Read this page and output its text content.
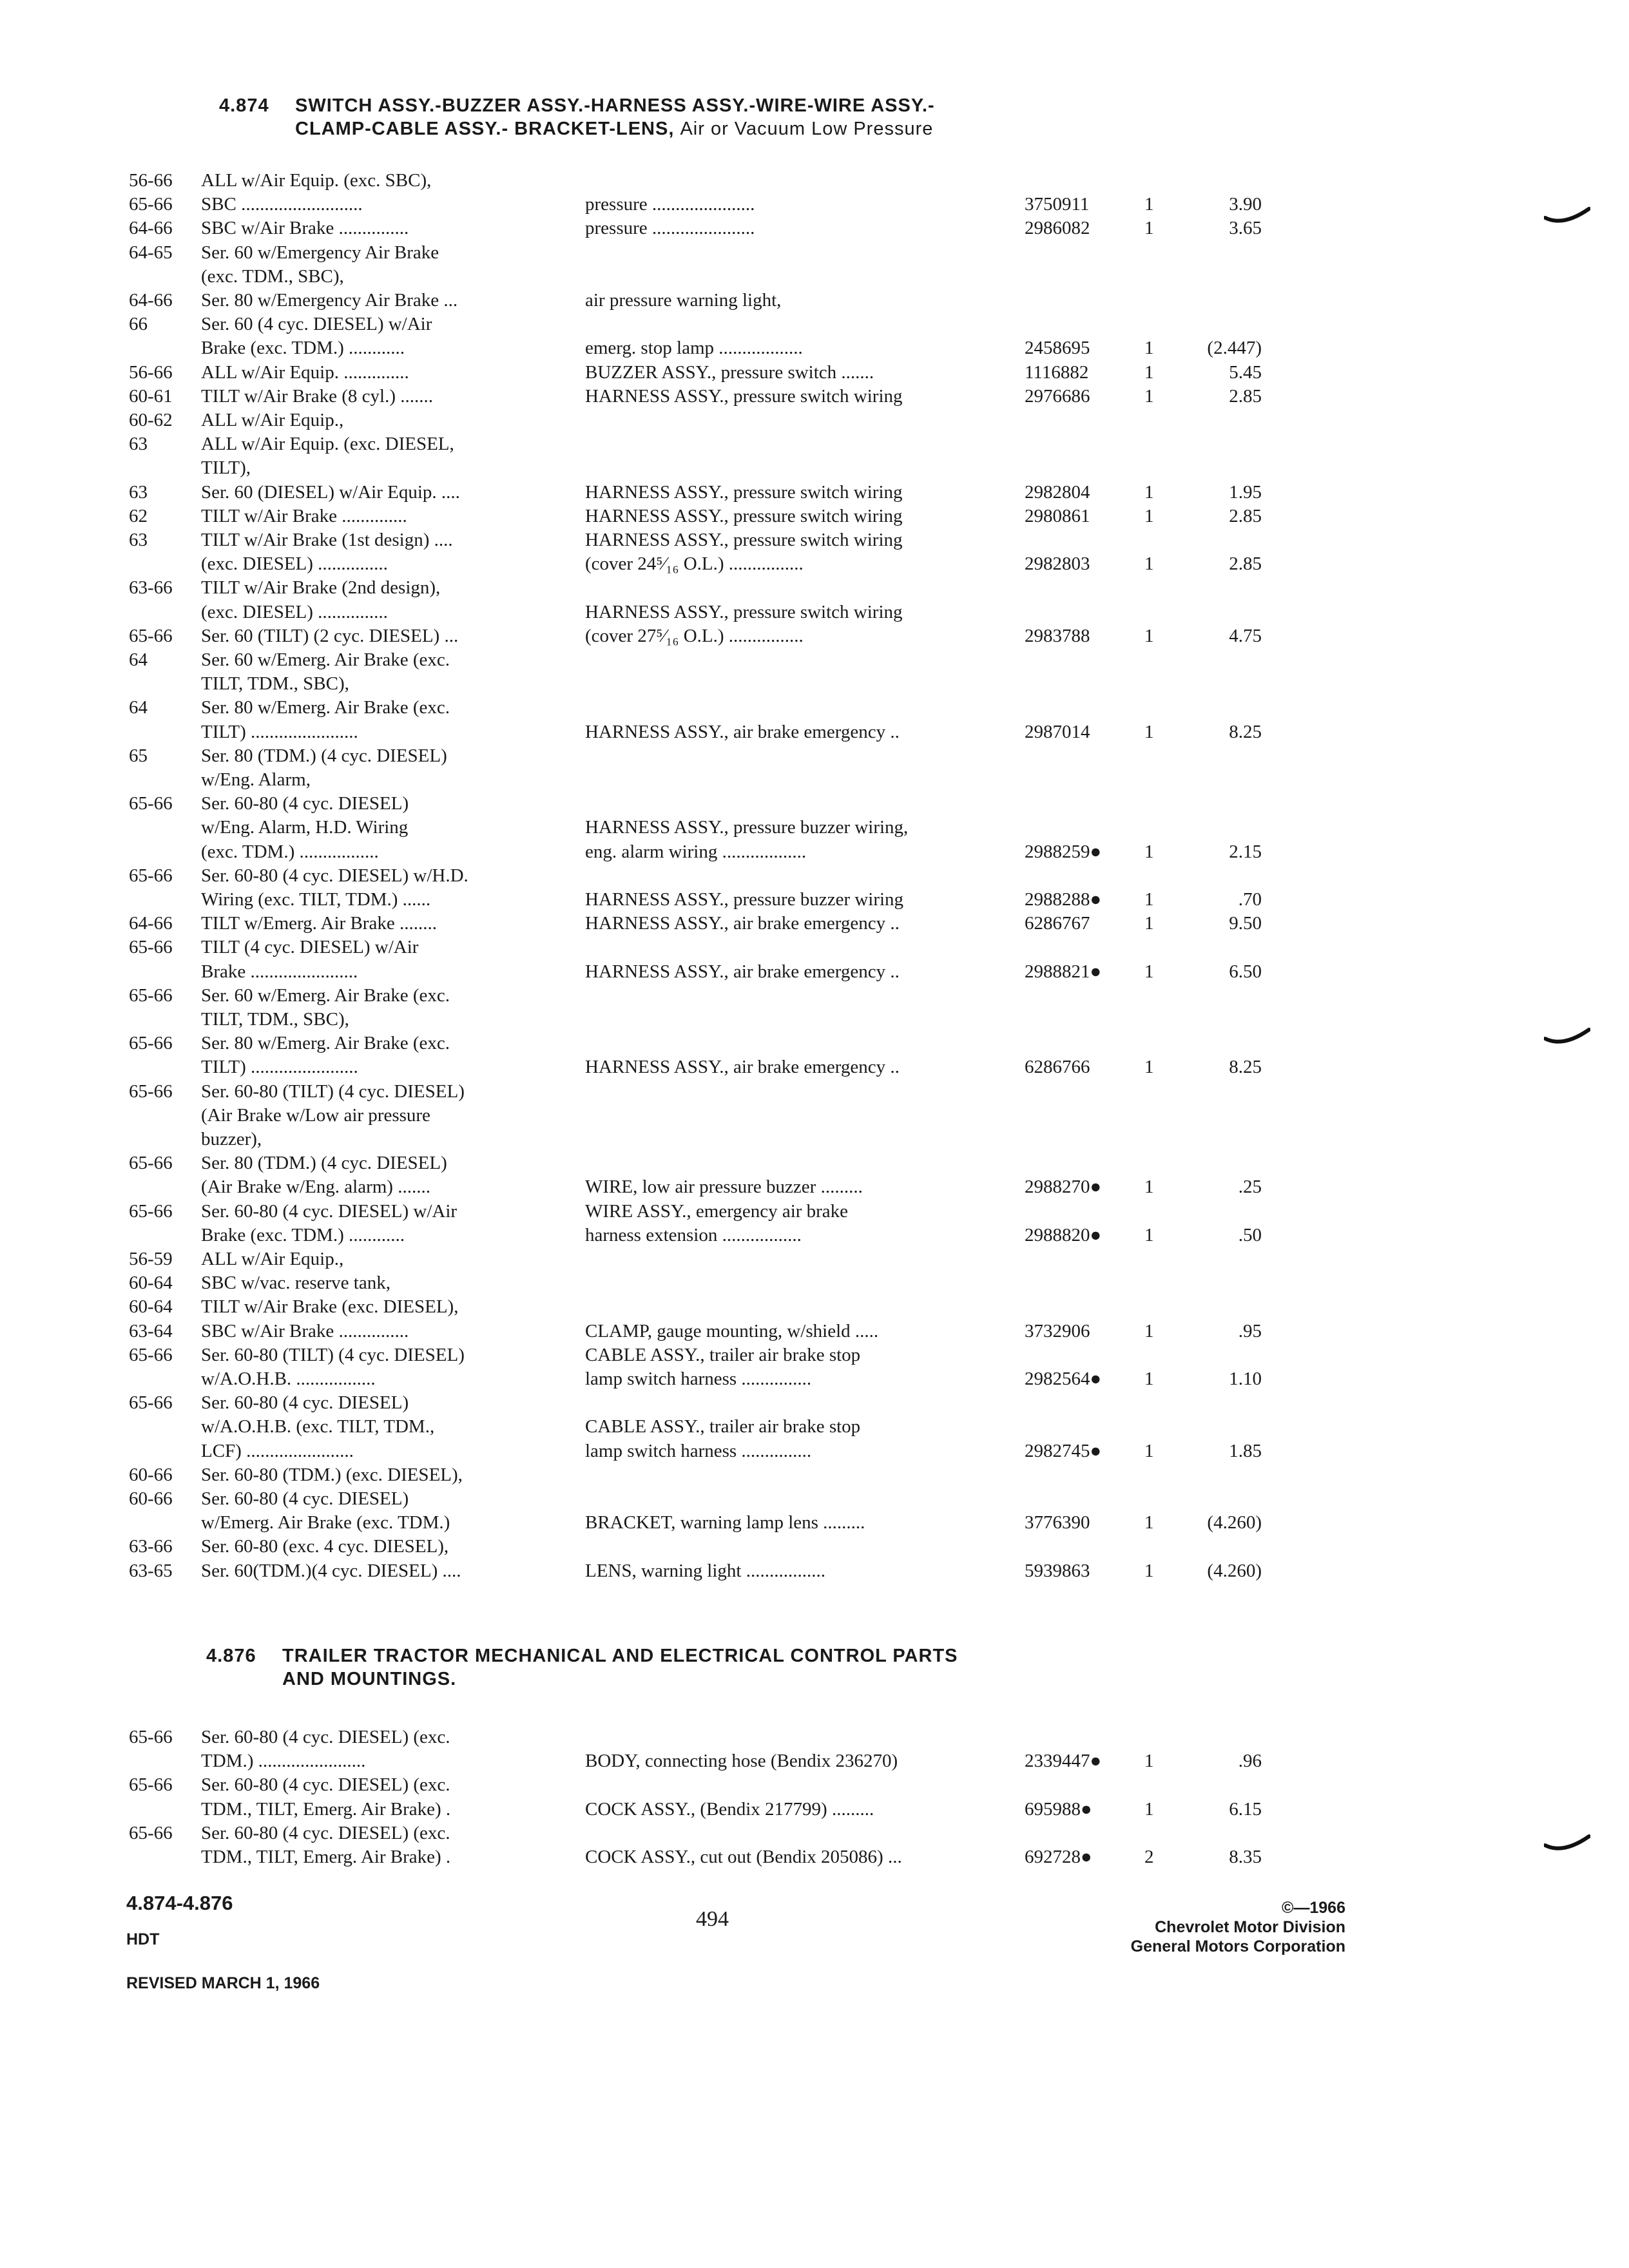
4.874 SWITCH ASSY.-BUZZER ASSY.-HARNESS ASSY.-WIRE-WIRE ASSY.-
CLAMP-CABLE ASSY.- BRACKET-LENS, Air or Vacuum Low Pressure
4.876 TRAILER TRACTOR MECHANICAL AND ELECTRICAL CONTROL PARTS
AND MOUNTINGS.
56-66 ALL w/Air Equip. (exc. SBC),
65-66 SBC ..........................	pressure ......................	3750911	1	3.90
64-66 SBC w/Air Brake ...............	pressure ......................	2986082	1	3.65
64-65 Ser. 60 w/Emergency Air Brake
(exc. TDM., SBC),
64-66 Ser. 80 w/Emergency Air Brake ...	air pressure warning light,
66	Ser. 60 (4 cyc. DIESEL) w/Air
Brake (exc. TDM.) ............	emerg. stop lamp ..................	2458695	1	(2.447)
56-66 ALL w/Air Equip. ..............	BUZZER ASSY., pressure switch .......	1116882	1	5.45
60-61 TILT w/Air Brake (8 cyl.) .......	HARNESS ASSY., pressure switch wiring	2976686	1	2.85
60-62 ALL w/Air Equip.,
63	ALL w/Air Equip. (exc. DIESEL,
TILT),
63	Ser. 60 (DIESEL) w/Air Equip. ....	HARNESS ASSY., pressure switch wiring	2982804	1	1.95
62	TILT w/Air Brake ..............	HARNESS ASSY., pressure switch wiring	2980861	1	2.85
63	TILT w/Air Brake (1st design) ....	HARNESS ASSY., pressure switch wiring
(exc. DIESEL) ...............	(cover 24⁵⁄₁₆ O.L.) ................	2982803	1	2.85
63-66 TILT w/Air Brake (2nd design),
(exc. DIESEL) ...............	HARNESS ASSY., pressure switch wiring
65-66 Ser. 60 (TILT) (2 cyc. DIESEL) ...	(cover 27⁵⁄₁₆ O.L.) ................	2983788	1	4.75
64	Ser. 60 w/Emerg. Air Brake (exc.
TILT, TDM., SBC),
64	Ser. 80 w/Emerg. Air Brake (exc.
TILT) .......................	HARNESS ASSY., air brake emergency ..	2987014	1	8.25
65	Ser. 80 (TDM.) (4 cyc. DIESEL)
w/Eng. Alarm,
65-66 Ser. 60-80 (4 cyc. DIESEL)
w/Eng. Alarm, H.D. Wiring	HARNESS ASSY., pressure buzzer wiring,
(exc. TDM.) .................	eng. alarm wiring ..................	2988259● 1	2.15
65-66 Ser. 60-80 (4 cyc. DIESEL) w/H.D.
Wiring (exc. TILT, TDM.) ......	HARNESS ASSY., pressure buzzer wiring	2988288● 1	.70
64-66 TILT w/Emerg. Air Brake ........	HARNESS ASSY., air brake emergency ..	6286767	1	9.50
65-66 TILT (4 cyc. DIESEL) w/Air
Brake .......................	HARNESS ASSY., air brake emergency ..	2988821● 1	6.50
65-66 Ser. 60 w/Emerg. Air Brake (exc.
TILT, TDM., SBC),
65-66 Ser. 80 w/Emerg. Air Brake (exc.
TILT) .......................	HARNESS ASSY., air brake emergency ..	6286766	1	8.25
65-66 Ser. 60-80 (TILT) (4 cyc. DIESEL)
(Air Brake w/Low air pressure
buzzer),
65-66 Ser. 80 (TDM.) (4 cyc. DIESEL)
(Air Brake w/Eng. alarm) .......	WIRE, low air pressure buzzer .........	2988270● 1	.25
65-66 Ser. 60-80 (4 cyc. DIESEL) w/Air	WIRE ASSY., emergency air brake
Brake (exc. TDM.) ............	harness extension .................	2988820● 1	.50
56-59 ALL w/Air Equip.,
60-64 SBC w/vac. reserve tank,
60-64 TILT w/Air Brake (exc. DIESEL),
63-64 SBC w/Air Brake ...............	CLAMP, gauge mounting, w/shield .....	3732906	1	.95
65-66 Ser. 60-80 (TILT) (4 cyc. DIESEL)	CABLE ASSY., trailer air brake stop
w/A.O.H.B. .................	lamp switch harness ...............	2982564● 1	1.10
65-66 Ser. 60-80 (4 cyc. DIESEL)
w/A.O.H.B. (exc. TILT, TDM.,	CABLE ASSY., trailer air brake stop
LCF) .......................	lamp switch harness ...............	2982745● 1	1.85
60-66 Ser. 60-80 (TDM.) (exc. DIESEL),
60-66 Ser. 60-80 (4 cyc. DIESEL)
w/Emerg. Air Brake (exc. TDM.)	BRACKET, warning lamp lens .........	3776390	1	(4.260)
63-66 Ser. 60-80 (exc. 4 cyc. DIESEL),
63-65 Ser. 60(TDM.)(4 cyc. DIESEL) ....	LENS, warning light .................	5939863	1	(4.260)
65-66 Ser. 60-80 (4 cyc. DIESEL) (exc.
TDM.) .......................	BODY, connecting hose (Bendix 236270)	2339447● 1	.96
65-66 Ser. 60-80 (4 cyc. DIESEL) (exc.
TDM., TILT, Emerg. Air Brake) .	COCK ASSY., (Bendix 217799) .........	695988●	1	6.15
65-66 Ser. 60-80 (4 cyc. DIESEL) (exc.
TDM., TILT, Emerg. Air Brake) .	COCK ASSY., cut out (Bendix 205086) ...	692728●	2	8.35
4.874-4.876
HDT
REVISED MARCH 1, 1966
494	©—1966
Chevrolet Motor Division
General Motors Corporation
